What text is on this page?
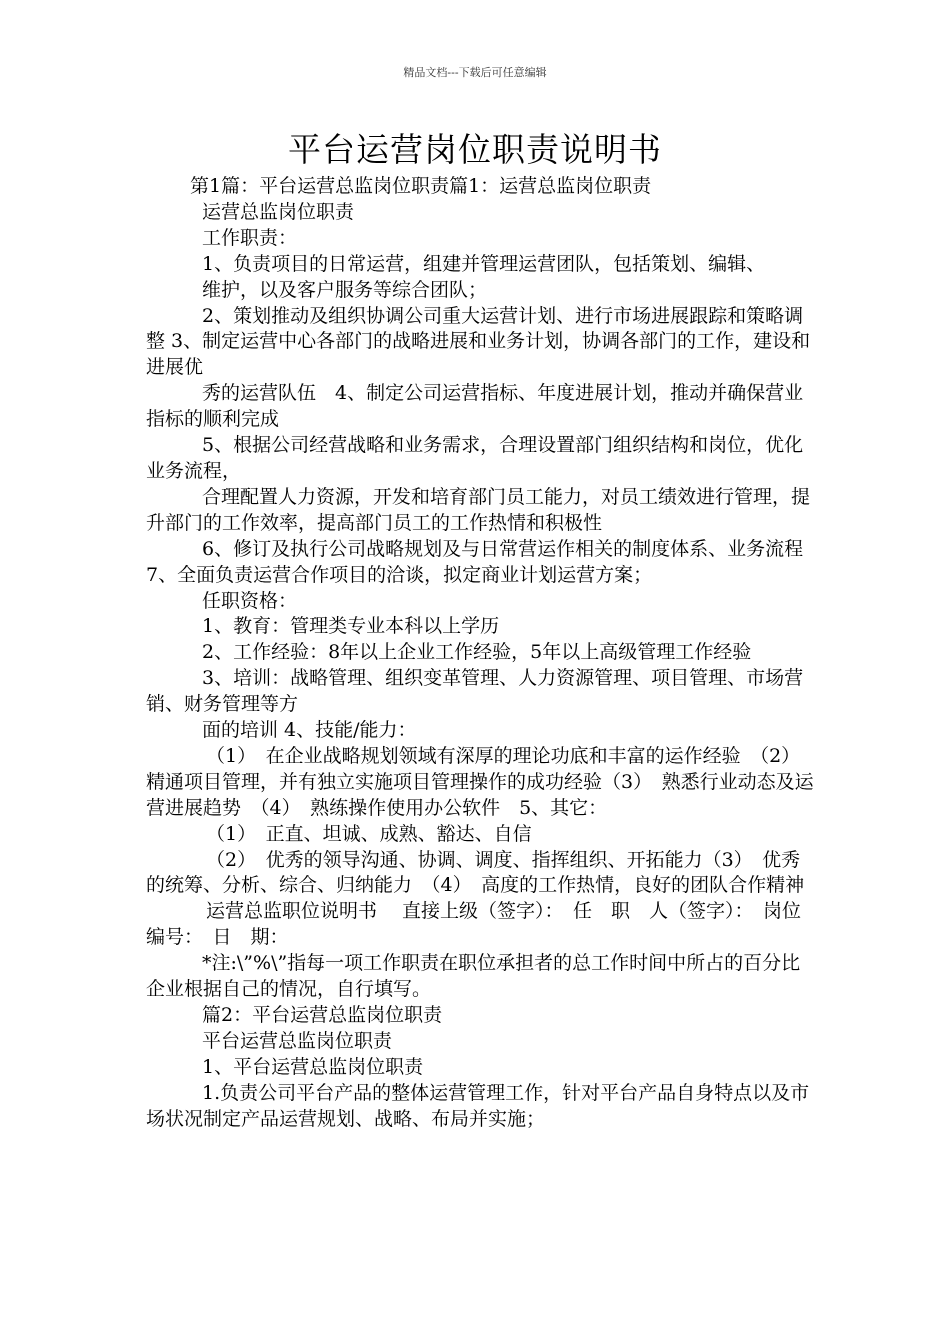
精品文档---下载后可任意编辑
平台运营岗位职责说明书

第1篇：平台运营总监岗位职责篇1：运营总监岗位职责

运营总监岗位职责

工作职责：

1、负责项目的日常运营，组建并管理运营团队，包括策划、编辑、

维护，以及客户服务等综合团队；

2、策划推动及组织协调公司重大运营计划、进行市场进展跟踪和策略调整 3、制定运营中心各部门的战略进展和业务计划，协调各部门的工作，建设和进展优

秀的运营队伍　4、制定公司运营指标、年度进展计划，推动并确保营业指标的顺利完成

5、根据公司经营战略和业务需求，合理设置部门组织结构和岗位，优化业务流程，

合理配置人力资源，开发和培育部门员工能力，对员工绩效进行管理，提升部门的工作效率，提高部门员工的工作热情和积极性

6、修订及执行公司战略规划及与日常营运作相关的制度体系、业务流程 7、全面负责运营合作项目的洽谈，拟定商业计划运营方案；

任职资格：

1、教育：管理类专业本科以上学历

2、工作经验：8年以上企业工作经验，5年以上高级管理工作经验

3、培训：战略管理、组织变革管理、人力资源管理、项目管理、市场营销、财务管理等方

面的培训 4、技能/能力：

（1）　在企业战略规划领域有深厚的理论功底和丰富的运作经验　（2）　精通项目管理，并有独立实施项目管理操作的成功经验（3）　熟悉行业动态及运营进展趋势　（4）　熟练操作使用办公软件　5、其它：

（1）　正直、坦诚、成熟、豁达、自信

（2）　优秀的领导沟通、协调、调度、指挥组织、开拓能力（3）　优秀的统筹、分析、综合、归纳能力　（4）　高度的工作热情，良好的团队合作精神

运营总监职位说明书　 直接上级（签字）：　任　职　人（签字）：　岗位编号：　日　期：

*注:\”%\”指每一项工作职责在职位承担者的总工作时间中所占的百分比企业根据自己的情况，自行填写。

篇2：平台运营总监岗位职责

平台运营总监岗位职责

1、平台运营总监岗位职责

1.负责公司平台产品的整体运营管理工作，针对平台产品自身特点以及市场状况制定产品运营规划、战略、布局并实施；
